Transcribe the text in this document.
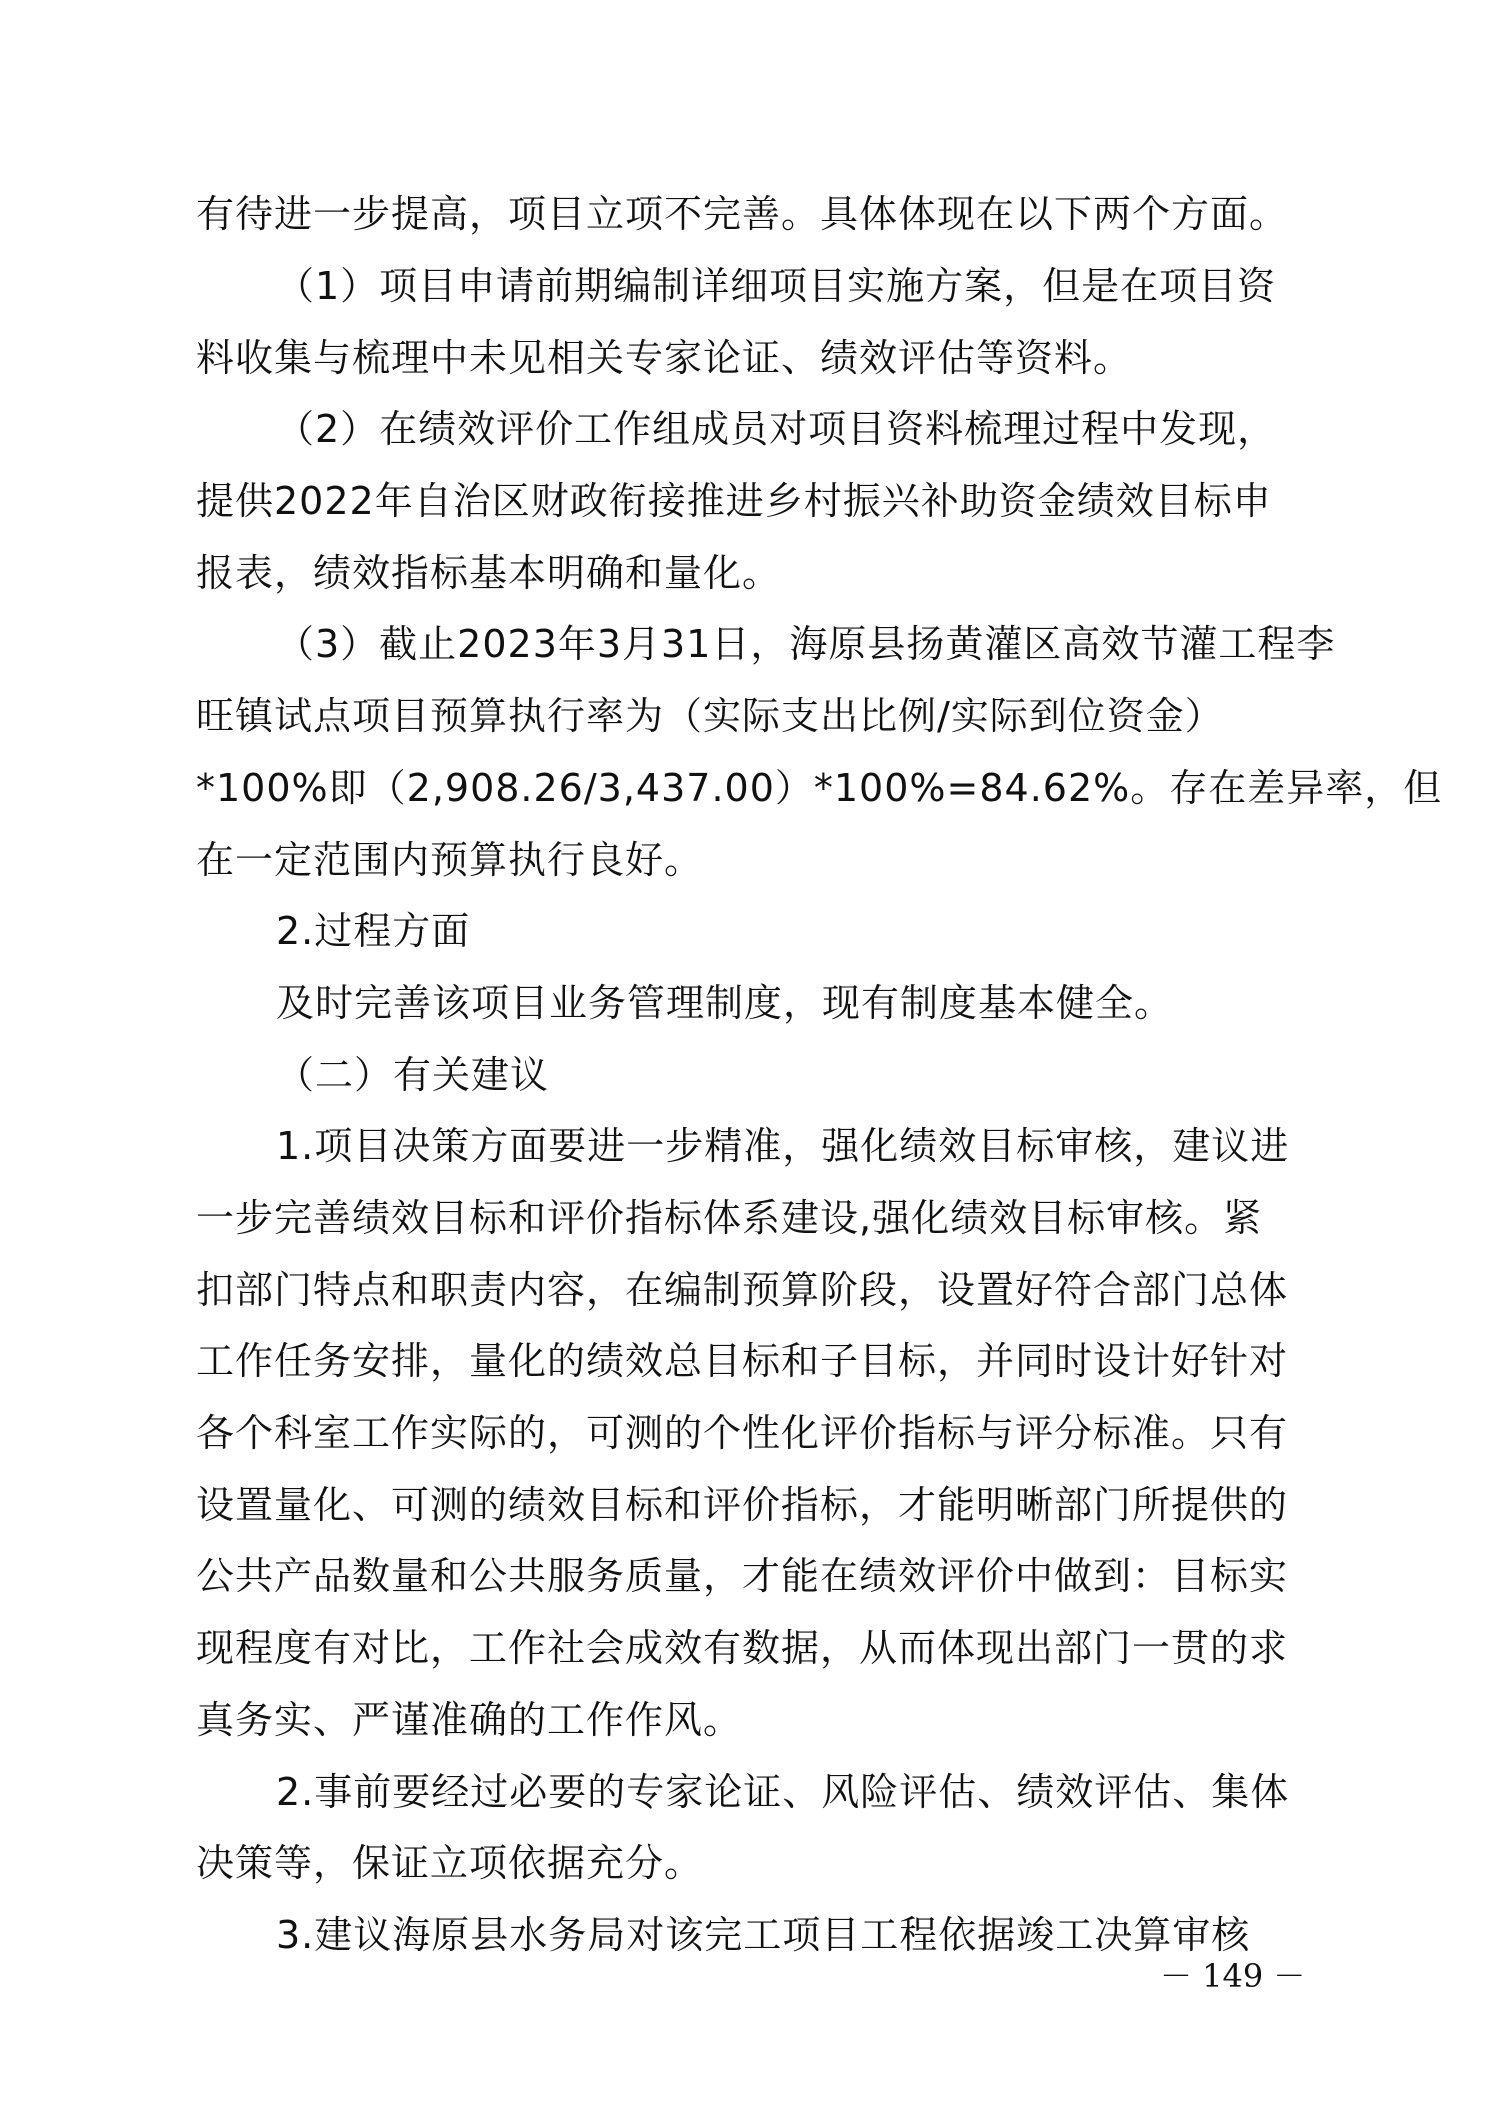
有待进一步提高，项目立项不完善。具体体现在以下两个方面。
（1）项目申请前期编制详细项目实施方案，但是在项目资
料收集与梳理中未见相关专家论证、绩效评估等资料。
（2）在绩效评价工作组成员对项目资料梳理过程中发现，
提供2022年自治区财政衔接推进乡村振兴补助资金绩效目标申
报表，绩效指标基本明确和量化。
（3）截止2023年3月31日，海原县扬黄灌区高效节灌工程李
旺镇试点项目预算执行率为（实际支出比例/实际到位资金）
*100%即（2,908.26/3,437.00）*100%=84.62%。存在差异率，但
在一定范围内预算执行良好。
2.过程方面
及时完善该项目业务管理制度，现有制度基本健全。
（二）有关建议
1.项目决策方面要进一步精准，强化绩效目标审核，建议进
一步完善绩效目标和评价指标体系建设,强化绩效目标审核。紧
扣部门特点和职责内容，在编制预算阶段，设置好符合部门总体
工作任务安排，量化的绩效总目标和子目标，并同时设计好针对
各个科室工作实际的，可测的个性化评价指标与评分标准。只有
设置量化、可测的绩效目标和评价指标，才能明晰部门所提供的
公共产品数量和公共服务质量，才能在绩效评价中做到：目标实
现程度有对比，工作社会成效有数据，从而体现出部门一贯的求
真务实、严谨准确的工作作风。
2.事前要经过必要的专家论证、风险评估、绩效评估、集体
决策等，保证立项依据充分。
3.建议海原县水务局对该完工项目工程依据竣工决算审核
－ 149 －
